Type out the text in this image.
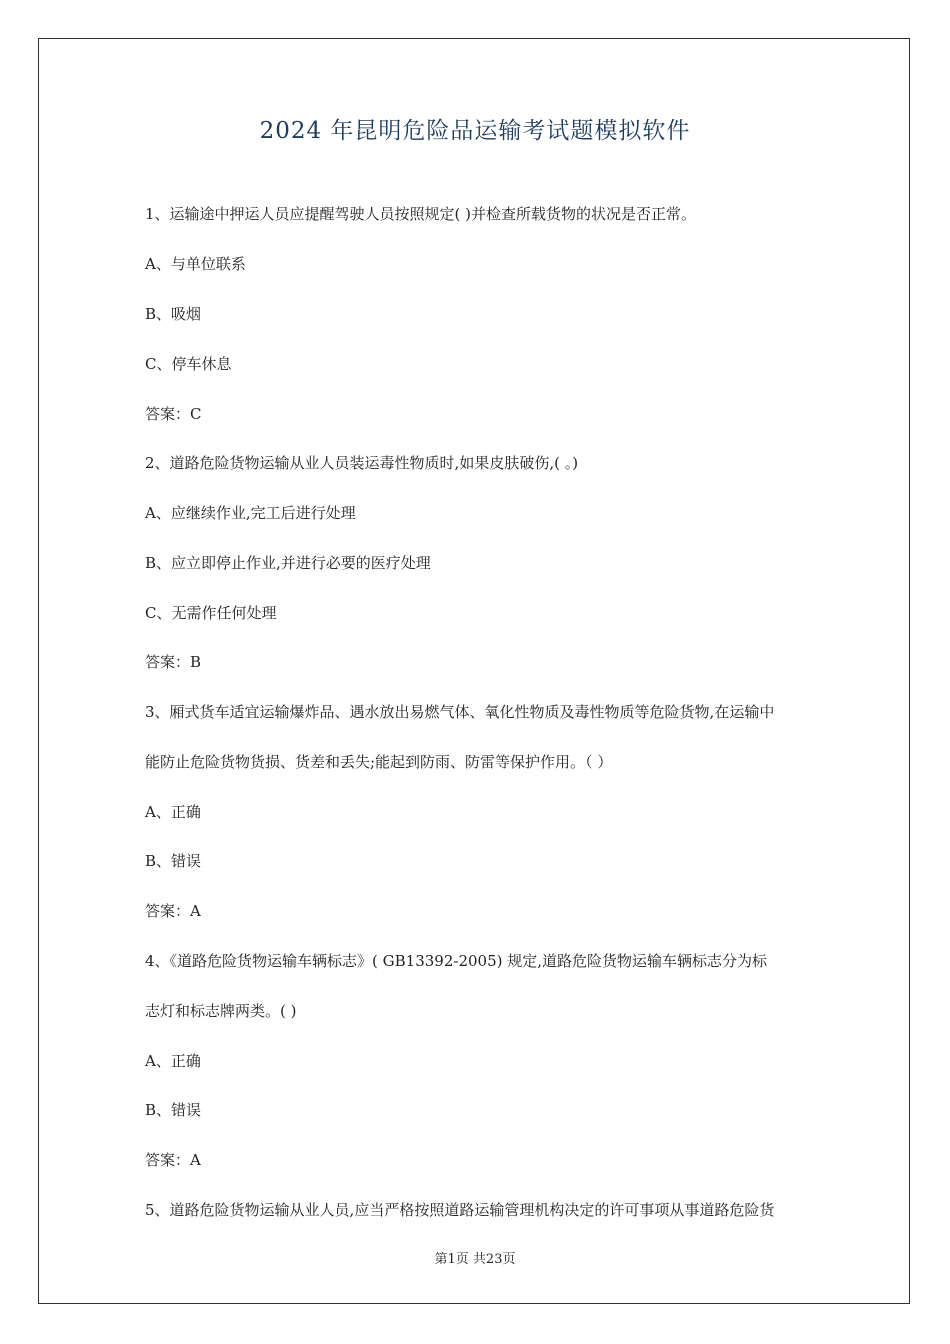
2024 年昆明危险品运输考试题模拟软件
1、运输途中押运人员应提醒驾驶人员按照规定( )并检查所载货物的状况是否正常。
A、与单位联系
B、吸烟
C、停车休息
答案：C
2、道路危险货物运输从业人员装运毒性物质时,如果皮肤破伤,( 。)
A、应继续作业,完工后进行处理
B、应立即停止作业,并进行必要的医疗处理
C、无需作任何处理
答案：B
3、厢式货车适宜运输爆炸品、遇水放出易燃气体、氧化性物质及毒性物质等危险货物,在运输中
能防止危险货物货损、货差和丢失;能起到防雨、防雷等保护作用。（ ）
A、正确
B、错误
答案：A
4、《道路危险货物运输车辆标志》( GB13392-2005) 规定,道路危险货物运输车辆标志分为标
志灯和标志牌两类。( )
A、正确
B、错误
答案：A
5、道路危险货物运输从业人员,应当严格按照道路运输管理机构决定的许可事项从事道路危险货
第1页 共23页
